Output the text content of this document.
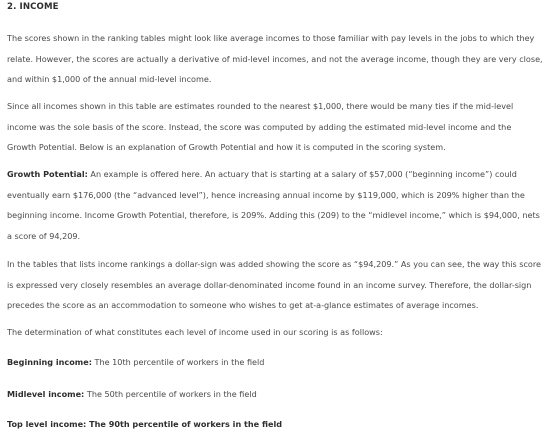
2. INCOME

The scores shown in the ranking tables might look like average incomes to those familiar with pay levels in the jobs to which they relate. However, the scores are actually a derivative of mid-level incomes, and not the average income, though they are very close, and within $1,000 of the annual mid-level income.

Since all incomes shown in this table are estimates rounded to the nearest $1,000, there would be many ties if the mid-level income was the sole basis of the score. Instead, the score was computed by adding the estimated mid-level income and the Growth Potential. Below is an explanation of Growth Potential and how it is computed in the scoring system.

Growth Potential: An example is offered here. An actuary that is starting at a salary of $57,000 (“beginning income”) could eventually earn $176,000 (the “advanced level”), hence increasing annual income by $119,000, which is 209% higher than the beginning income. Income Growth Potential, therefore, is 209%. Adding this (209) to the “midlevel income,” which is $94,000, nets a score of 94,209.

In the tables that lists income rankings a dollar-sign was added showing the score as “$94,209.” As you can see, the way this score is expressed very closely resembles an average dollar-denominated income found in an income survey. Therefore, the dollar-sign precedes the score as an accommodation to someone who wishes to get at-a-glance estimates of average incomes.

The determination of what constitutes each level of income used in our scoring is as follows:

Beginning income: The 10th percentile of workers in the field

Midlevel income: The 50th percentile of workers in the field

Top level income: The 90th percentile of workers in the field
